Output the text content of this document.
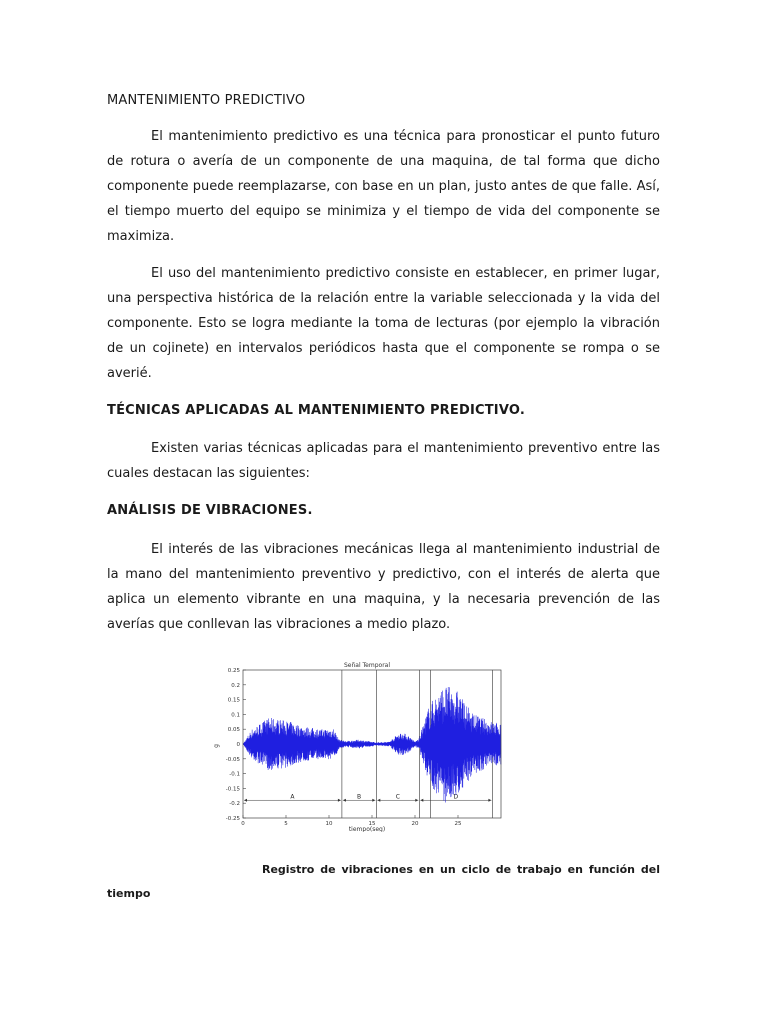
MANTENIMIENTO PREDICTIVO

El mantenimiento predictivo es una técnica para pronosticar el punto futuro de rotura o avería de un componente de una maquina, de tal forma que dicho componente puede reemplazarse, con base en un plan, justo antes de que falle. Así, el tiempo muerto del equipo se minimiza y el tiempo de vida del componente se maximiza.

El uso del mantenimiento predictivo consiste en establecer, en primer lugar, una perspectiva histórica de la relación entre la variable seleccionada y la vida del componente. Esto se logra mediante la toma de lecturas (por ejemplo la vibración de un cojinete) en intervalos periódicos hasta que el componente se rompa o se averié.

TÉCNICAS APLICADAS AL MANTENIMIENTO PREDICTIVO.

Existen varias técnicas aplicadas para el mantenimiento preventivo entre las cuales destacan las siguientes:

ANÁLISIS DE VIBRACIONES.

El interés de las vibraciones mecánicas llega al mantenimiento industrial de la mano del mantenimiento preventivo y predictivo, con el interés de alerta que aplica un elemento vibrante en una maquina, y la necesaria prevención de las averías que conllevan las vibraciones a medio plazo.

Señal Temporal
g
tiempo(seg)
0.25
0.2
0.15
0.1
0.05
0
-0.05
-0.1
-0.15
-0.2
-0.25
0	5	10	15	20	25
A	B	C	D

Registro de vibraciones en un ciclo de trabajo en función del tiempo
